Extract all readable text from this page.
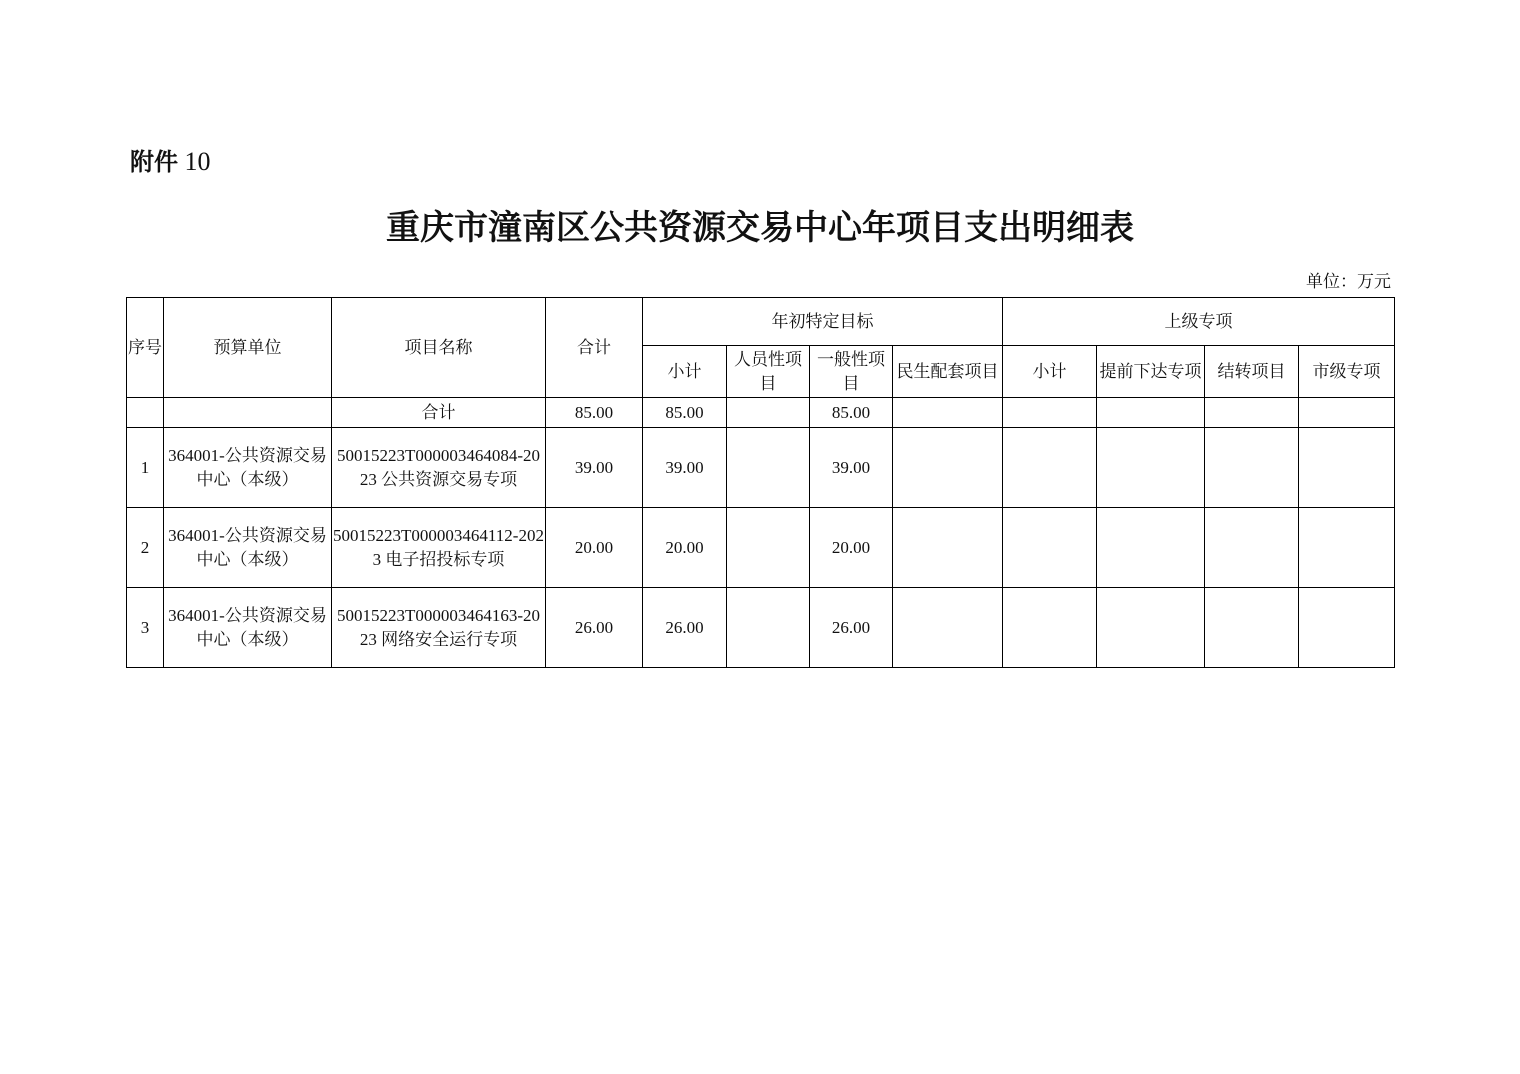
附件 10
重庆市潼南区公共资源交易中心年项目支出明细表
单位：万元
序号	预算单位	项目名称	合计	年初特定目标				上级专项			
				小计	人员性项目	一般性项目	民生配套项目	小计	提前下达专项	结转项目	市级专项
		合计	85.00	85.00		85.00					
1	364001-公共资源交易中心（本级）	50015223T000003464084-2023 公共资源交易专项	39.00	39.00		39.00					
2	364001-公共资源交易中心（本级）	50015223T000003464112-2023 电子招投标专项	20.00	20.00		20.00					
3	364001-公共资源交易中心（本级）	50015223T000003464163-2023 网络安全运行专项	26.00	26.00		26.00					
